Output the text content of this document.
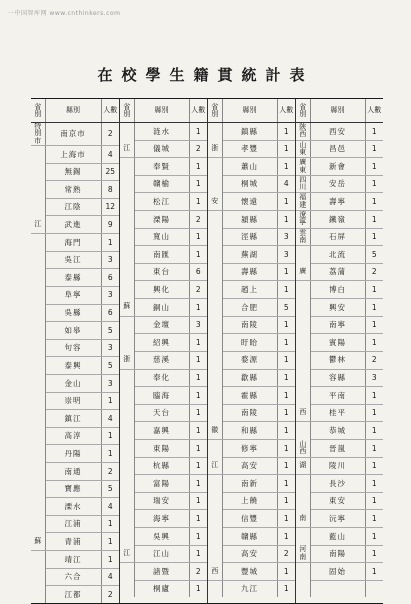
一中国智库网 www.cnthinkers.com
在校學生籍貫統計表
省別	縣別	人數
特別市	南京市	2
	上海市	4
	無錫	25
	常熟	8
	江陰	12
江	武進	9
	海門	1
	吳江	3
	泰縣	6
	阜寧	3
	吳縣	6
	如皋	5
	句容	3
	泰興	5
	金山	3
	崇明	1
	鎮江	4
	高淳	1
	丹陽	1
	南通	2
	寶應	5
	溧水	4
	江浦	1
蘇	青浦	1
	靖江	1
	六合	4
	江都	2
省別	縣別	人數
	涟水	1
江	儀城	2
	奉賢	1
	贛榆	1
	松江	1
	溧陽	2
	寬山	1
	南匯	1
	東台	6
	興化	2
蘇	銅山	1
	金壇	3
	紹興	1
浙	慈溪	1
	奉化	1
	臨海	1
	天台	1
	嘉興	1
	東陽	1
	杭縣	1
	富陽	1
	瑞安	1
	海寧	1
	吳興	1
江	江山	1
	諸暨	2
	桐廬	1
省別	縣別	人數
	鎮縣	1
浙	孝豐	1
	蕭山	1
	桐城	4
安	懷遠	1
	潁縣	1
	涇縣	3
	蕪湖	3
	壽縣	1
	趙上	1
	合肥	5
	南陵	1
	盱眙	1
	婺源	1
	歙縣	1
	霍縣	1
	南陵	1
徽	和縣	1
	修寧	1
江	高安	1
	南新	1
	上饒	1
	信豐	1
	贛縣	1
	高安	2
西	豐城	1
	九江	1
省別	縣別	人數
陝西	西安	1
山東	昌邑	1
廣東	新會	1
四川	安岳	1
福建	壽寧	1
遼寧	鐵嶺	1
雲南	石屏	1
	北流	5
廣	荔蒲	2
	博白	1
	興安	1
	南寧	1
	賓陽	1
	鬱林	2
	容縣	3
	平南	1
西	桂平	1
	恭城	1
山西	晉嵐	1
湖	陵川	1
	長沙	1
	東安	1
南	沅寧	1
	藍山	1
河南	南陽	1
	固始	1
